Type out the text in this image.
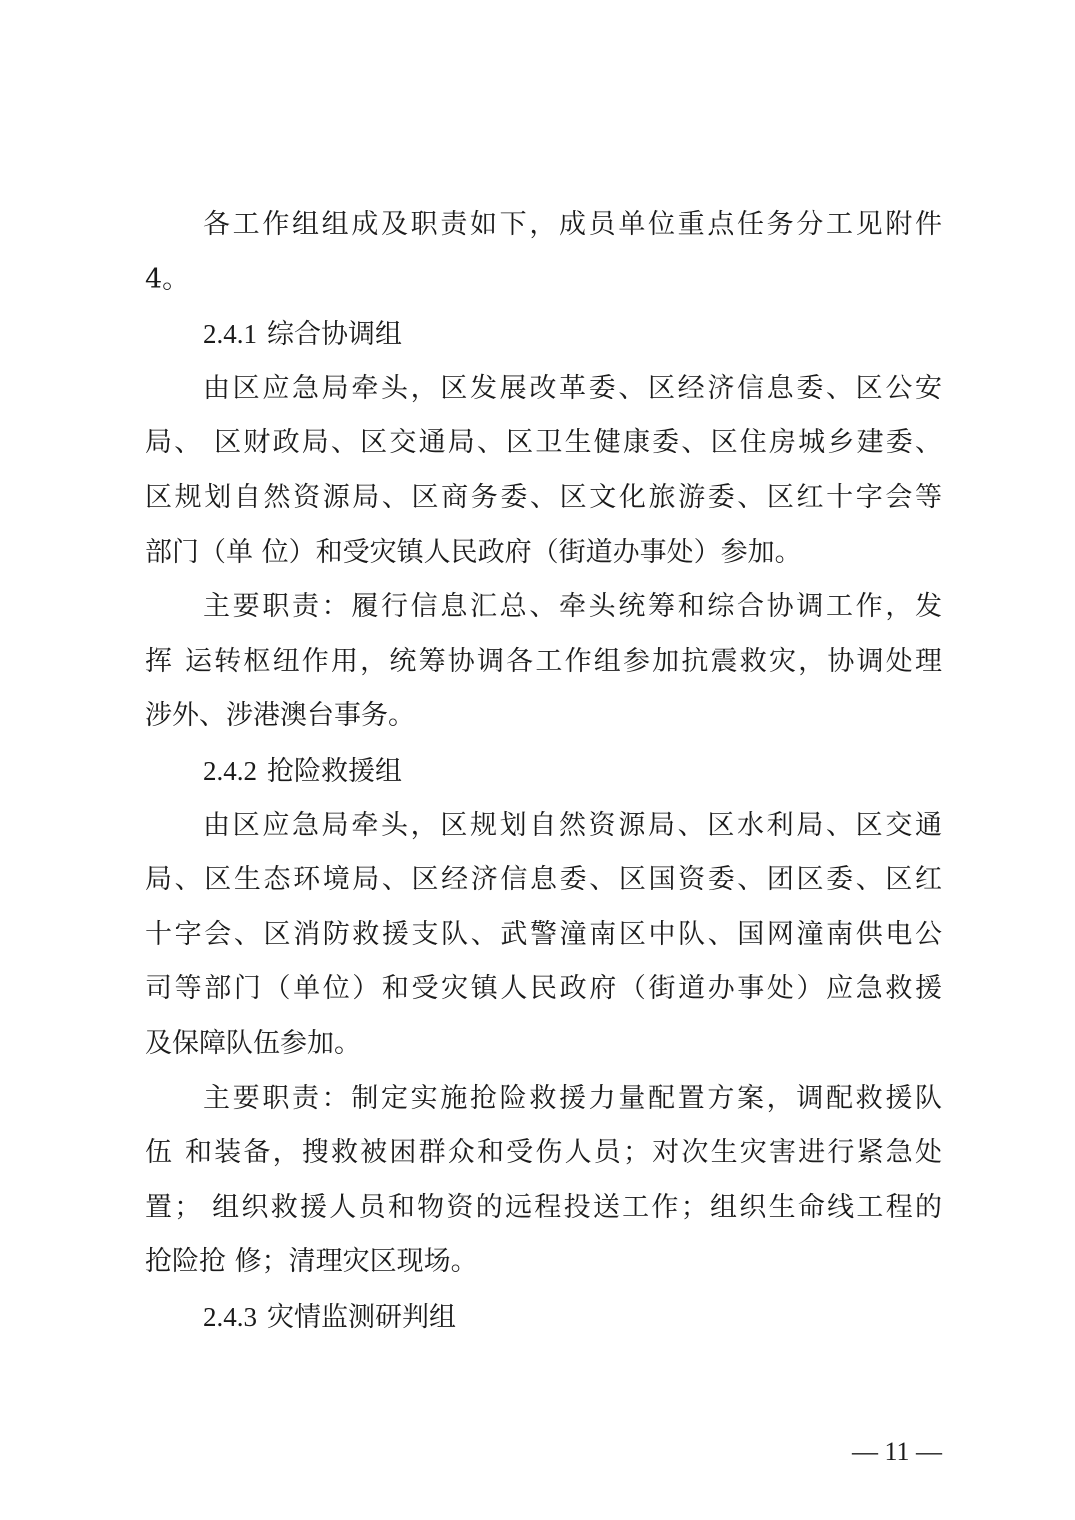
各工作组组成及职责如下，成员单位重点任务分工见附件
4。
2.4.1 综合协调组
由区应急局牵头，区发展改革委、区经济信息委、区公安
局、 区财政局、区交通局、区卫生健康委、区住房城乡建委、
区规划自然资源局、区商务委、区文化旅游委、区红十字会等
部门（单 位）和受灾镇人民政府（街道办事处）参加。
主要职责：履行信息汇总、牵头统筹和综合协调工作，发
挥 运转枢纽作用，统筹协调各工作组参加抗震救灾，协调处理
涉外、涉港澳台事务。
2.4.2 抢险救援组
由区应急局牵头，区规划自然资源局、区水利局、区交通
局、区生态环境局、区经济信息委、区国资委、团区委、区红
十字会、区消防救援支队、武警潼南区中队、国网潼南供电公
司等部门（单位）和受灾镇人民政府（街道办事处）应急救援
及保障队伍参加。
主要职责：制定实施抢险救援力量配置方案，调配救援队
伍 和装备，搜救被困群众和受伤人员；对次生灾害进行紧急处
置； 组织救援人员和物资的远程投送工作；组织生命线工程的
抢险抢 修；清理灾区现场。
2.4.3 灾情监测研判组
— 11 —
